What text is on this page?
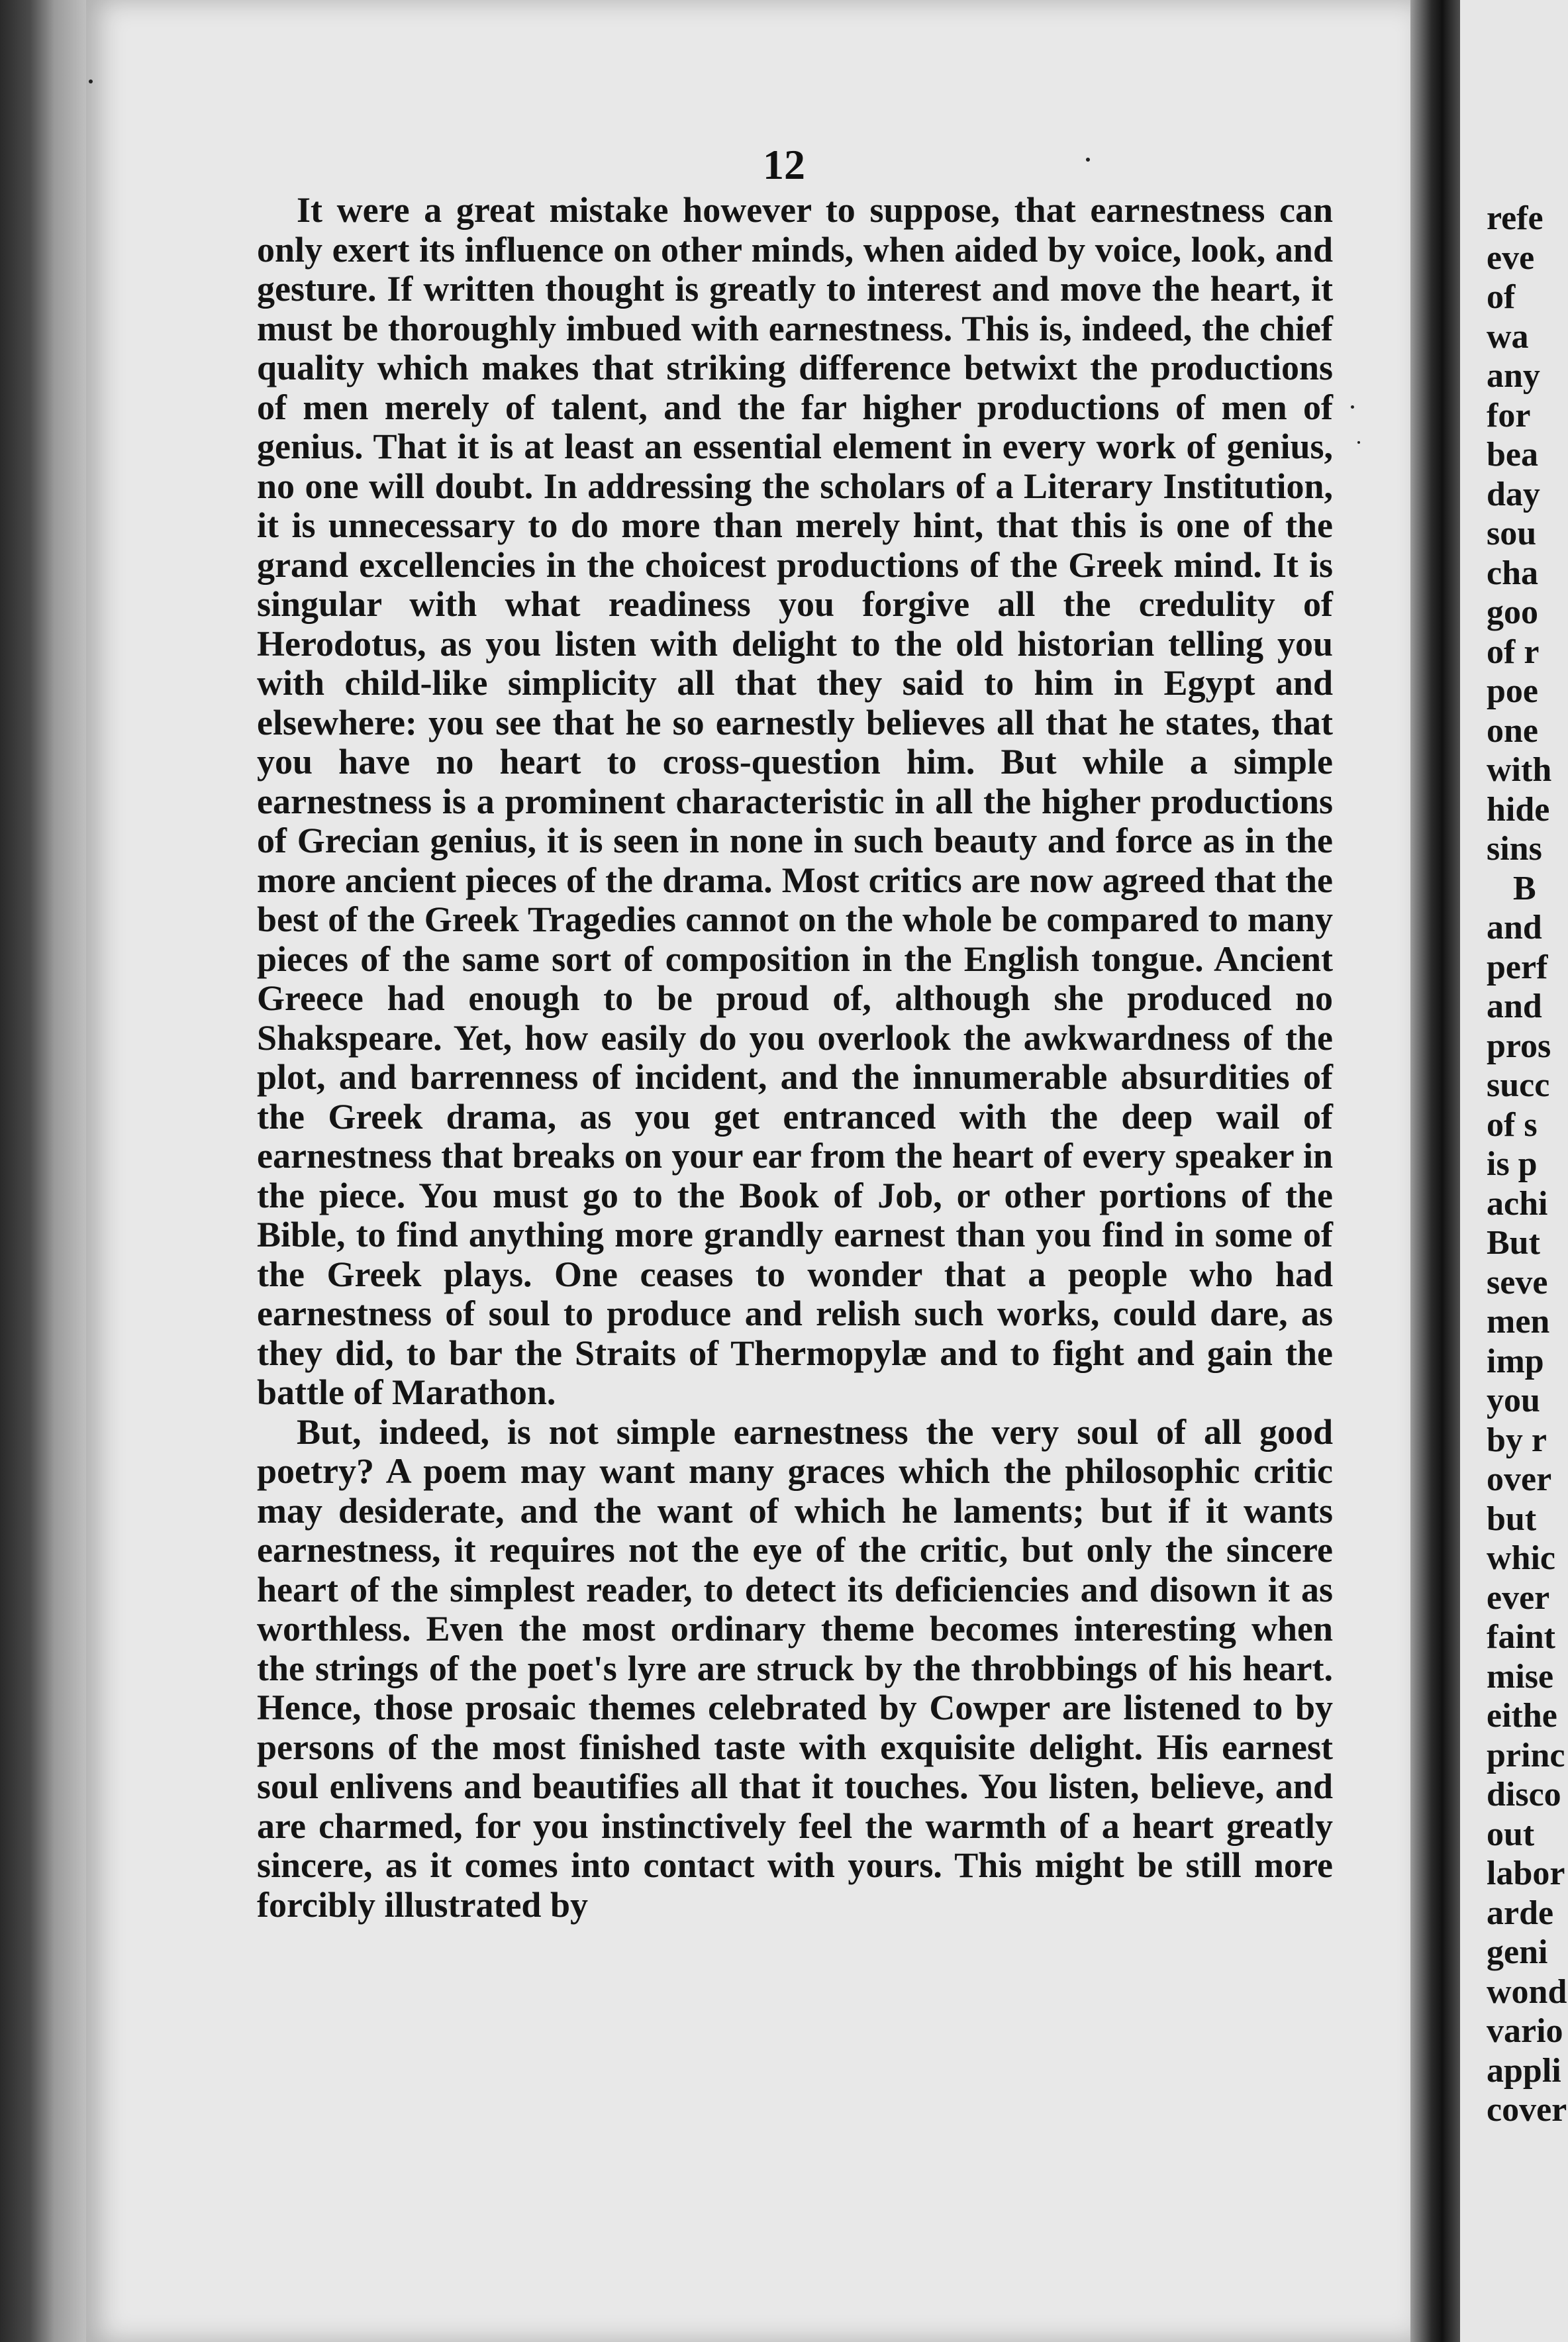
12

It were a great mistake however to suppose, that earnestness can only exert its influence on other minds, when aided by voice, look, and gesture. If written thought is greatly to interest and move the heart, it must be thoroughly imbued with earnestness. This is, indeed, the chief quality which makes that striking difference betwixt the productions of men merely of talent, and the far higher productions of men of genius. That it is at least an essential element in every work of genius, no one will doubt. In addressing the scholars of a Literary Institution, it is unnecessary to do more than merely hint, that this is one of the grand excellencies in the choicest productions of the Greek mind. It is singular with what readiness you forgive all the credulity of Herodotus, as you listen with delight to the old historian telling you with child-like simplicity all that they said to him in Egypt and elsewhere: you see that he so earnestly believes all that he states, that you have no heart to cross-question him. But while a simple earnestness is a prominent characteristic in all the higher productions of Grecian genius, it is seen in none in such beauty and force as in the more ancient pieces of the drama. Most critics are now agreed that the best of the Greek Tragedies cannot on the whole be compared to many pieces of the same sort of composition in the English tongue. Ancient Greece had enough to be proud of, although she produced no Shakspeare. Yet, how easily do you overlook the awkwardness of the plot, and barrenness of incident, and the innumerable absurdities of the Greek drama, as you get entranced with the deep wail of earnestness that breaks on your ear from the heart of every speaker in the piece. You must go to the Book of Job, or other portions of the Bible, to find anything more grandly earnest than you find in some of the Greek plays. One ceases to wonder that a people who had earnestness of soul to produce and relish such works, could dare, as they did, to bar the Straits of Thermopylæ and to fight and gain the battle of Marathon.

But, indeed, is not simple earnestness the very soul of all good poetry? A poem may want many graces which the philosophic critic may desiderate, and the want of which he laments; but if it wants earnestness, it requires not the eye of the critic, but only the sincere heart of the simplest reader, to detect its deficiencies and disown it as worthless. Even the most ordinary theme becomes interesting when the strings of the poet's lyre are struck by the throbbings of his heart. Hence, those prosaic themes celebrated by Cowper are listened to by persons of the most finished taste with exquisite delight. His earnest soul enlivens and beautifies all that it touches. You listen, believe, and are charmed, for you instinctively feel the warmth of a heart greatly sincere, as it comes into contact with yours. This might be still more forcibly illustrated by

refe
eve
of
wa
any
for
bea
day
sou
cha
goo
of r
poe
one
with
hide
sins
B
and
perf
and
pros
succ
of s
is p
achi
But
seve
men
imp
you
by r
over
but
whic
ever
faint
mise
eithe
princ
disco
out
labor
arde
geni
wond
vario
appli
cover
